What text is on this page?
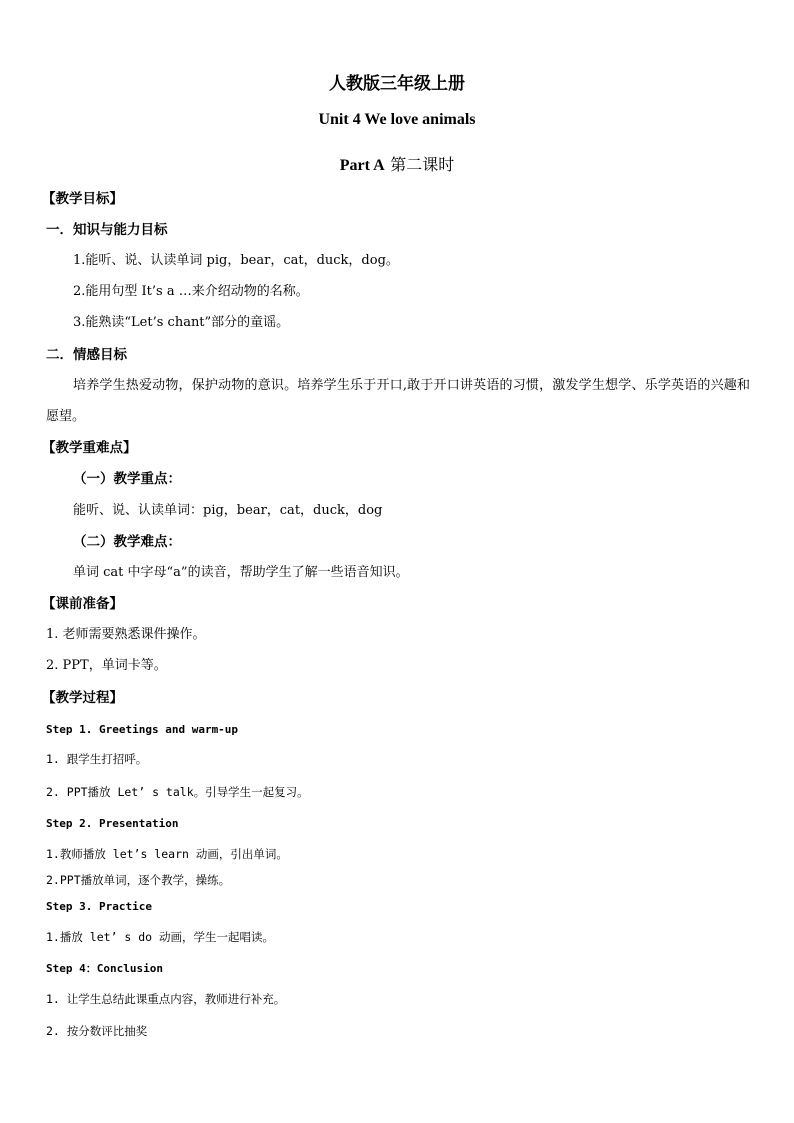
人教版三年级上册
Unit 4 We love animals
Part A 第二课时
【教学目标】
一．知识与能力目标
1.能听、说、认读单词 pig，bear，cat，duck，dog。
2.能用句型 It’s a …来介绍动物的名称。
3.能熟读“Let’s chant”部分的童谣。
二．情感目标
培养学生热爱动物，保护动物的意识。培养学生乐于开口,敢于开口讲英语的习惯，激发学生想学、乐学英语的兴趣和愿望。
【教学重难点】
（一）教学重点：
能听、说、认读单词：pig，bear，cat，duck，dog
（二）教学难点：
单词 cat 中字母“a”的读音，帮助学生了解一些语音知识。
【课前准备】
1. 老师需要熟悉课件操作。
2. PPT，单词卡等。
【教学过程】
Step 1. Greetings and warm-up
1. 跟学生打招呼。
2. PPT播放 Let’ s talk。引导学生一起复习。
Step 2. Presentation
1.教师播放 let’s learn 动画，引出单词。
2.PPT播放单词，逐个教学，操练。
Step 3. Practice
1.播放 let’ s do 动画，学生一起唱读。
Step 4：Conclusion
1. 让学生总结此课重点内容，教师进行补充。
2. 按分数评比抽奖
